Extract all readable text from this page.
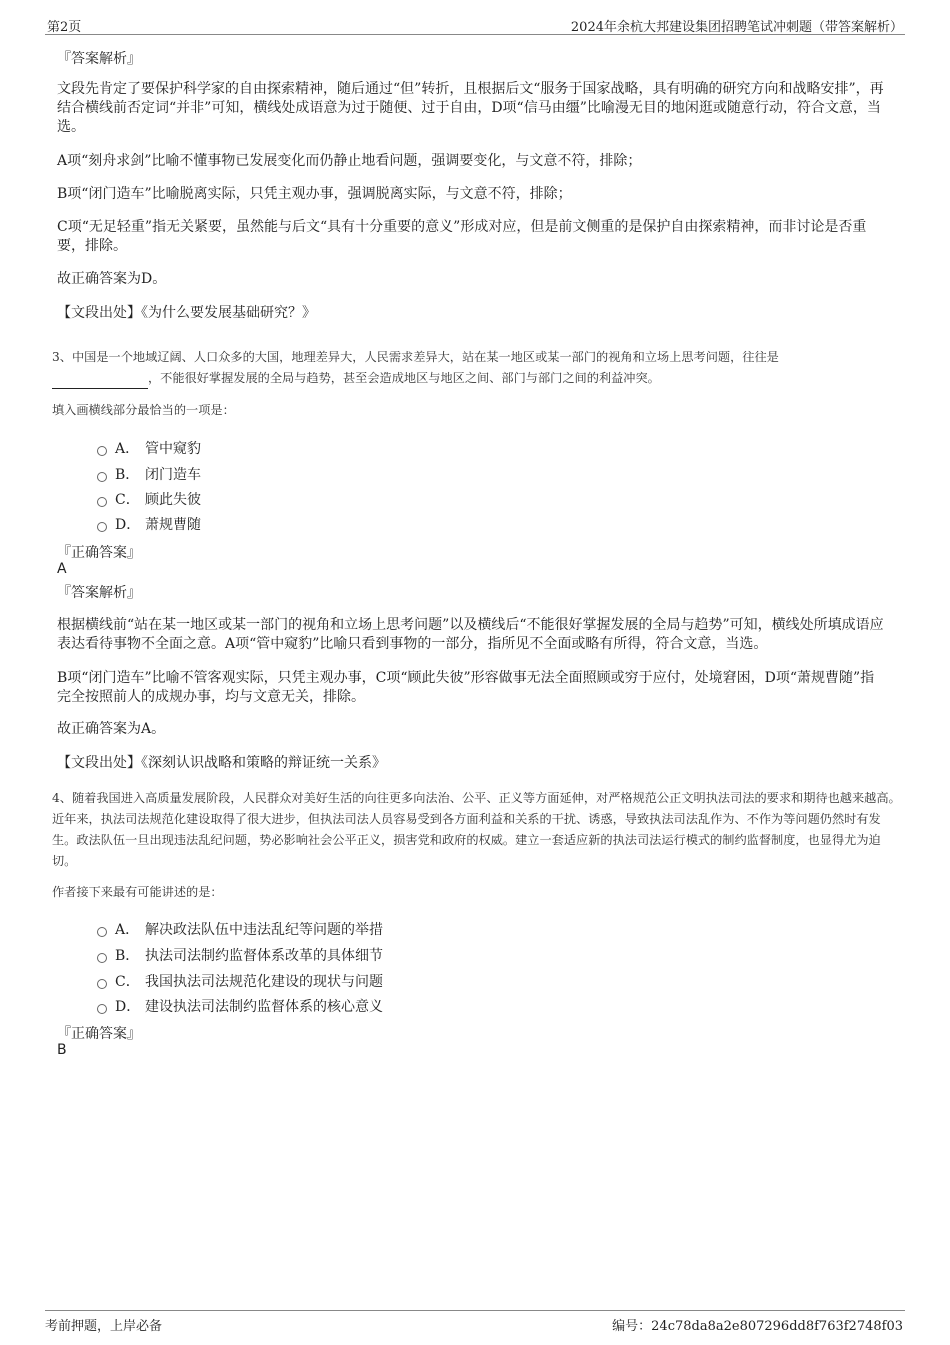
第2页	2024年余杭大邦建设集团招聘笔试冲刺题（带答案解析）
『答案解析』

文段先肯定了要保护科学家的自由探索精神，随后通过“但”转折，且根据后文“服务于国家战略，具有明确的研究方向和战略安排”，再结合横线前否定词“并非”可知，横线处成语意为过于随便、过于自由，D项“信马由缰”比喻漫无目的地闲逛或随意行动，符合文意，当选。

A项“刻舟求剑”比喻不懂事物已发展变化而仍静止地看问题，强调要变化，与文意不符，排除；

B项“闭门造车”比喻脱离实际，只凭主观办事，强调脱离实际，与文意不符，排除；

C项“无足轻重”指无关紧要，虽然能与后文“具有十分重要的意义”形成对应，但是前文侧重的是保护自由探索精神，而非讨论是否重要，排除。

故正确答案为D。

【文段出处】《为什么要发展基础研究？》

3、中国是一个地域辽阔、人口众多的大国，地理差异大，人民需求差异大，站在某一地区或某一部门的视角和立场上思考问题，往往是
，不能很好掌握发展的全局与趋势，甚至会造成地区与地区之间、部门与部门之间的利益冲突。

填入画横线部分最恰当的一项是：

A． 管中窥豹
B． 闭门造车
C． 顾此失彼
D． 萧规曹随
『正确答案』
A
『答案解析』

根据横线前“站在某一地区或某一部门的视角和立场上思考问题”以及横线后“不能很好掌握发展的全局与趋势”可知，横线处所填成语应表达看待事物不全面之意。A项“管中窥豹”比喻只看到事物的一部分，指所见不全面或略有所得，符合文意，当选。

B项“闭门造车”比喻不管客观实际，只凭主观办事，C项“顾此失彼”形容做事无法全面照顾或穷于应付，处境窘困，D项“萧规曹随”指完全按照前人的成规办事，均与文意无关，排除。

故正确答案为A。

【文段出处】《深刻认识战略和策略的辩证统一关系》

4、随着我国进入高质量发展阶段，人民群众对美好生活的向往更多向法治、公平、正义等方面延伸，对严格规范公正文明执法司法的要求和期待也越来越高。近年来，执法司法规范化建设取得了很大进步，但执法司法人员容易受到各方面利益和关系的干扰、诱惑，导致执法司法乱作为、不作为等问题仍然时有发生。政法队伍一旦出现违法乱纪问题，势必影响社会公平正义，损害党和政府的权威。建立一套适应新的执法司法运行模式的制约监督制度，也显得尤为迫切。

作者接下来最有可能讲述的是：

A． 解决政法队伍中违法乱纪等问题的举措
B． 执法司法制约监督体系改革的具体细节
C． 我国执法司法规范化建设的现状与问题
D． 建设执法司法制约监督体系的核心意义
『正确答案』
B
考前押题，上岸必备	编号：24c78da8a2e807296dd8f763f2748f03
